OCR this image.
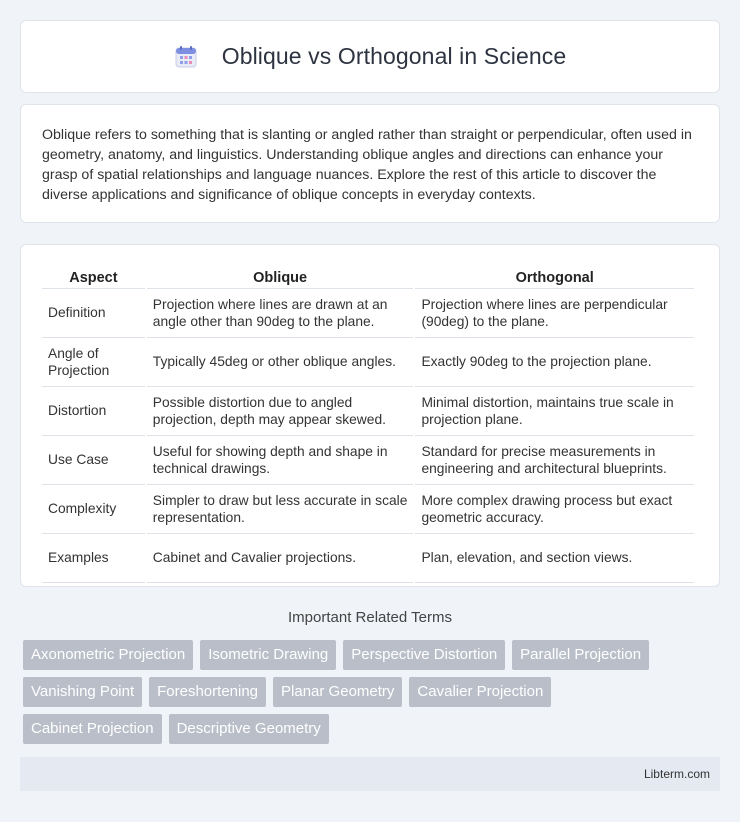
Oblique vs Orthogonal in Science

Oblique refers to something that is slanting or angled rather than straight or perpendicular, often used in geometry, anatomy, and linguistics. Understanding oblique angles and directions can enhance your grasp of spatial relationships and language nuances. Explore the rest of this article to discover the diverse applications and significance of oblique concepts in everyday contexts.

Aspect	Oblique	Orthogonal
Definition	Projection where lines are drawn at an angle other than 90deg to the plane.	Projection where lines are perpendicular (90deg) to the plane.
Angle of Projection	Typically 45deg or other oblique angles.	Exactly 90deg to the projection plane.
Distortion	Possible distortion due to angled projection, depth may appear skewed.	Minimal distortion, maintains true scale in projection plane.
Use Case	Useful for showing depth and shape in technical drawings.	Standard for precise measurements in engineering and architectural blueprints.
Complexity	Simpler to draw but less accurate in scale representation.	More complex drawing process but exact geometric accuracy.
Examples	Cabinet and Cavalier projections.	Plan, elevation, and section views.
Important Related Terms
Axonometric Projection	Isometric Drawing	Perspective Distortion	Parallel Projection
Vanishing Point	Foreshortening	Planar Geometry	Cavalier Projection
Cabinet Projection	Descriptive Geometry
Libterm.com
